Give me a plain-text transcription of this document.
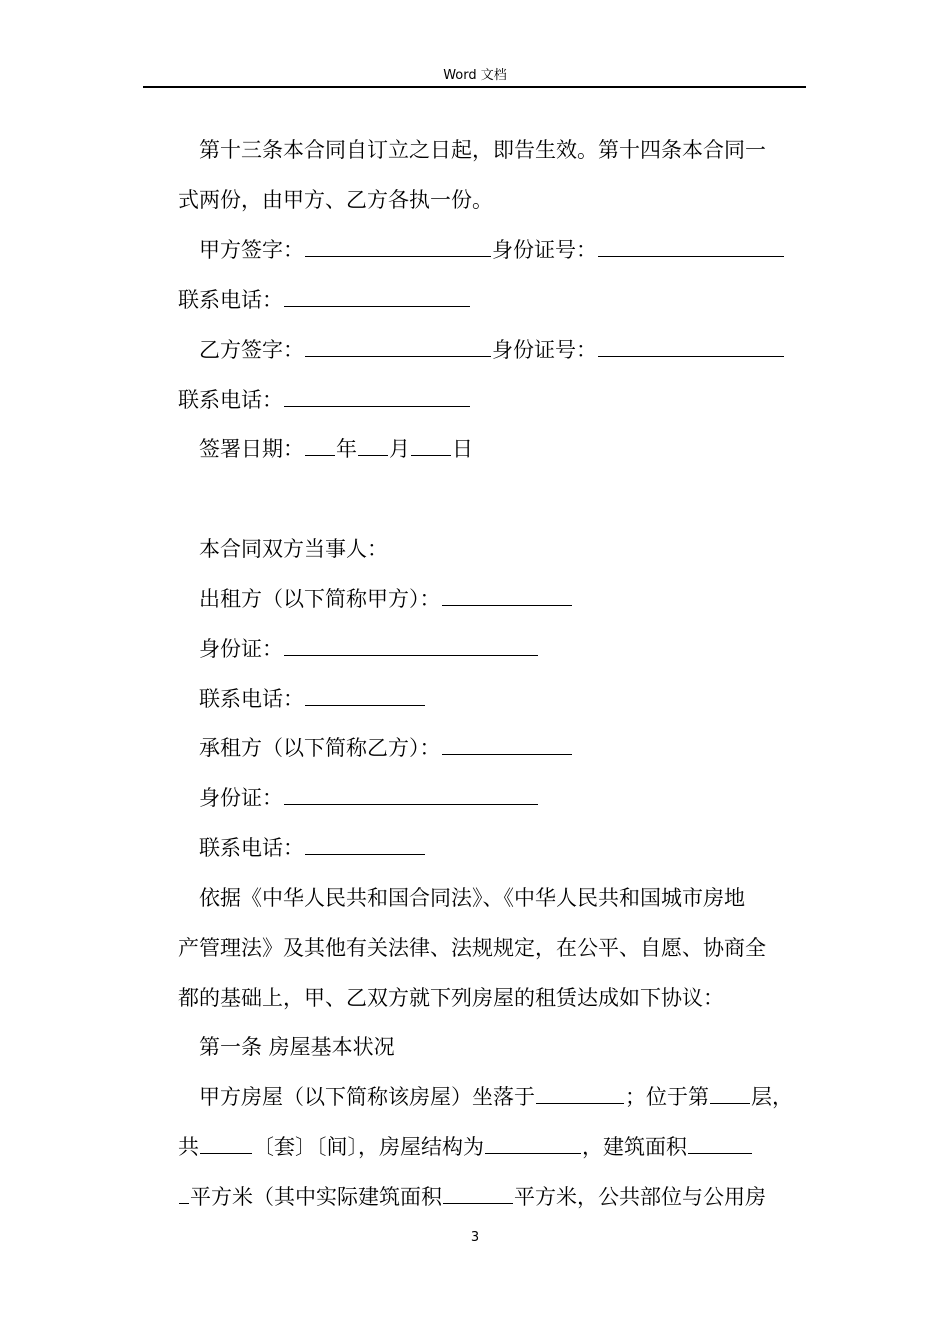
Word 文档
第十三条本合同自订立之日起，即告生效。第十四条本合同一
式两份，由甲方、乙方各执一份。
甲方签字：	身份证号：
联系电话：
乙方签字：	身份证号：
联系电话：
签署日期： 年 月 日
本合同双方当事人：
出租方（以下简称甲方）：
身份证：
联系电话：
承租方（以下简称乙方）：
身份证：
联系电话：
依据《中华人民共和国合同法》、《中华人民共和国城市房地
产管理法》及其他有关法律、法规规定，在公平、自愿、协商全
都的基础上，甲、乙双方就下列房屋的租赁达成如下协议：
第一条 房屋基本状况
甲方房屋（以下简称该房屋）坐落于	；位于第 层，
共	〔套〕〔间〕，房屋结构为	，建筑面积
平方米（其中实际建筑面积	平方米，公共部位与公用房
3
